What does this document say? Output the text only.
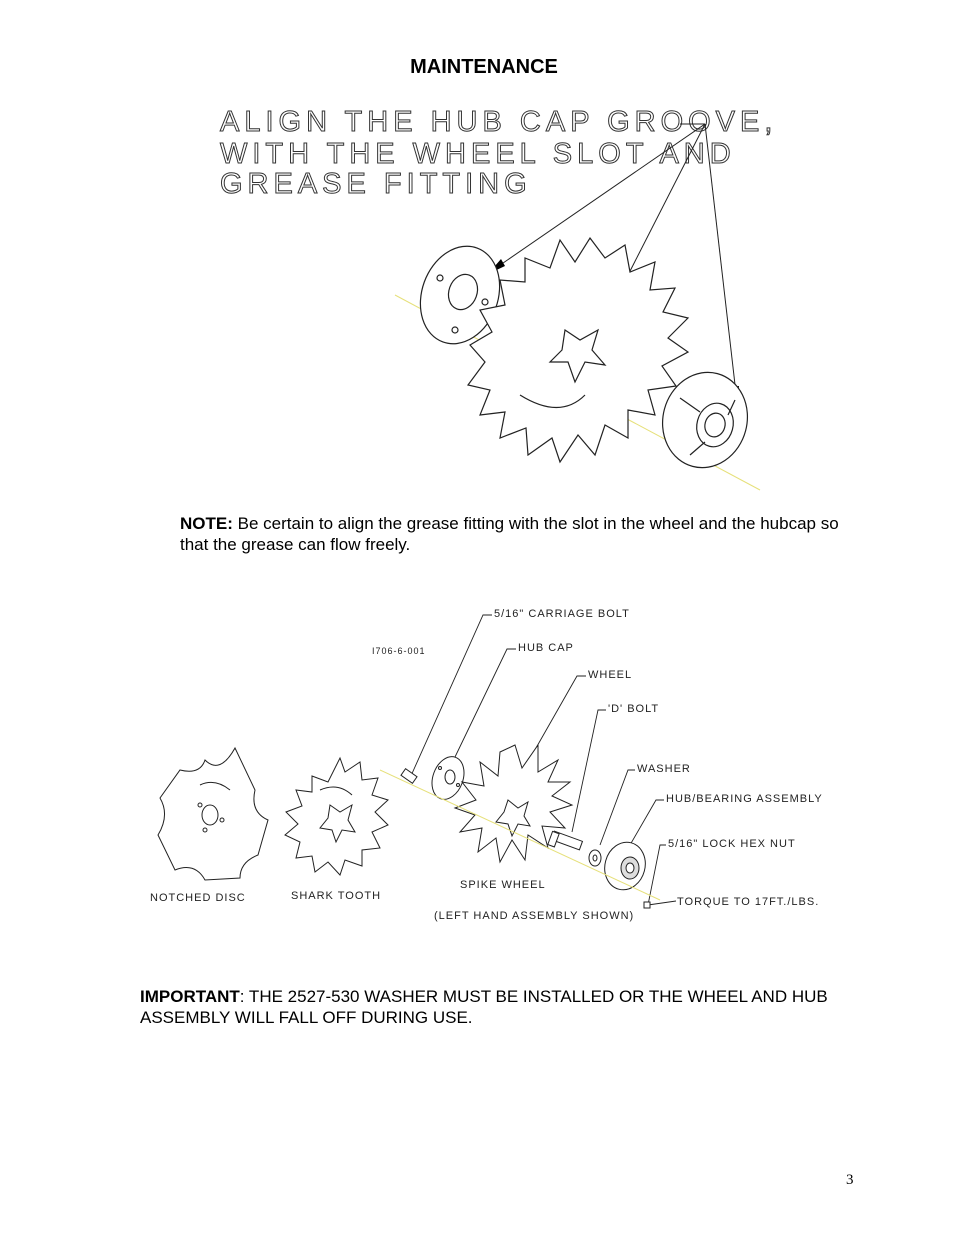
MAINTENANCE
ALIGN THE HUB CAP GROOVE,
WITH THE WHEEL SLOT AND
GREASE FITTING
NOTE: Be certain to align the grease fitting with the slot in the wheel and the hubcap so that the grease can flow freely.
I706-6-001
5/16" CARRIAGE BOLT
HUB CAP
WHEEL
'D' BOLT
WASHER
HUB/BEARING ASSEMBLY
5/16" LOCK HEX NUT
TORQUE TO 17FT./LBS.
NOTCHED DISC	SHARK TOOTH
SPIKE WHEEL
(LEFT HAND ASSEMBLY SHOWN)
IMPORTANT: THE 2527-530 WASHER MUST BE INSTALLED OR THE WHEEL AND HUB ASSEMBLY WILL FALL OFF DURING USE.
3
